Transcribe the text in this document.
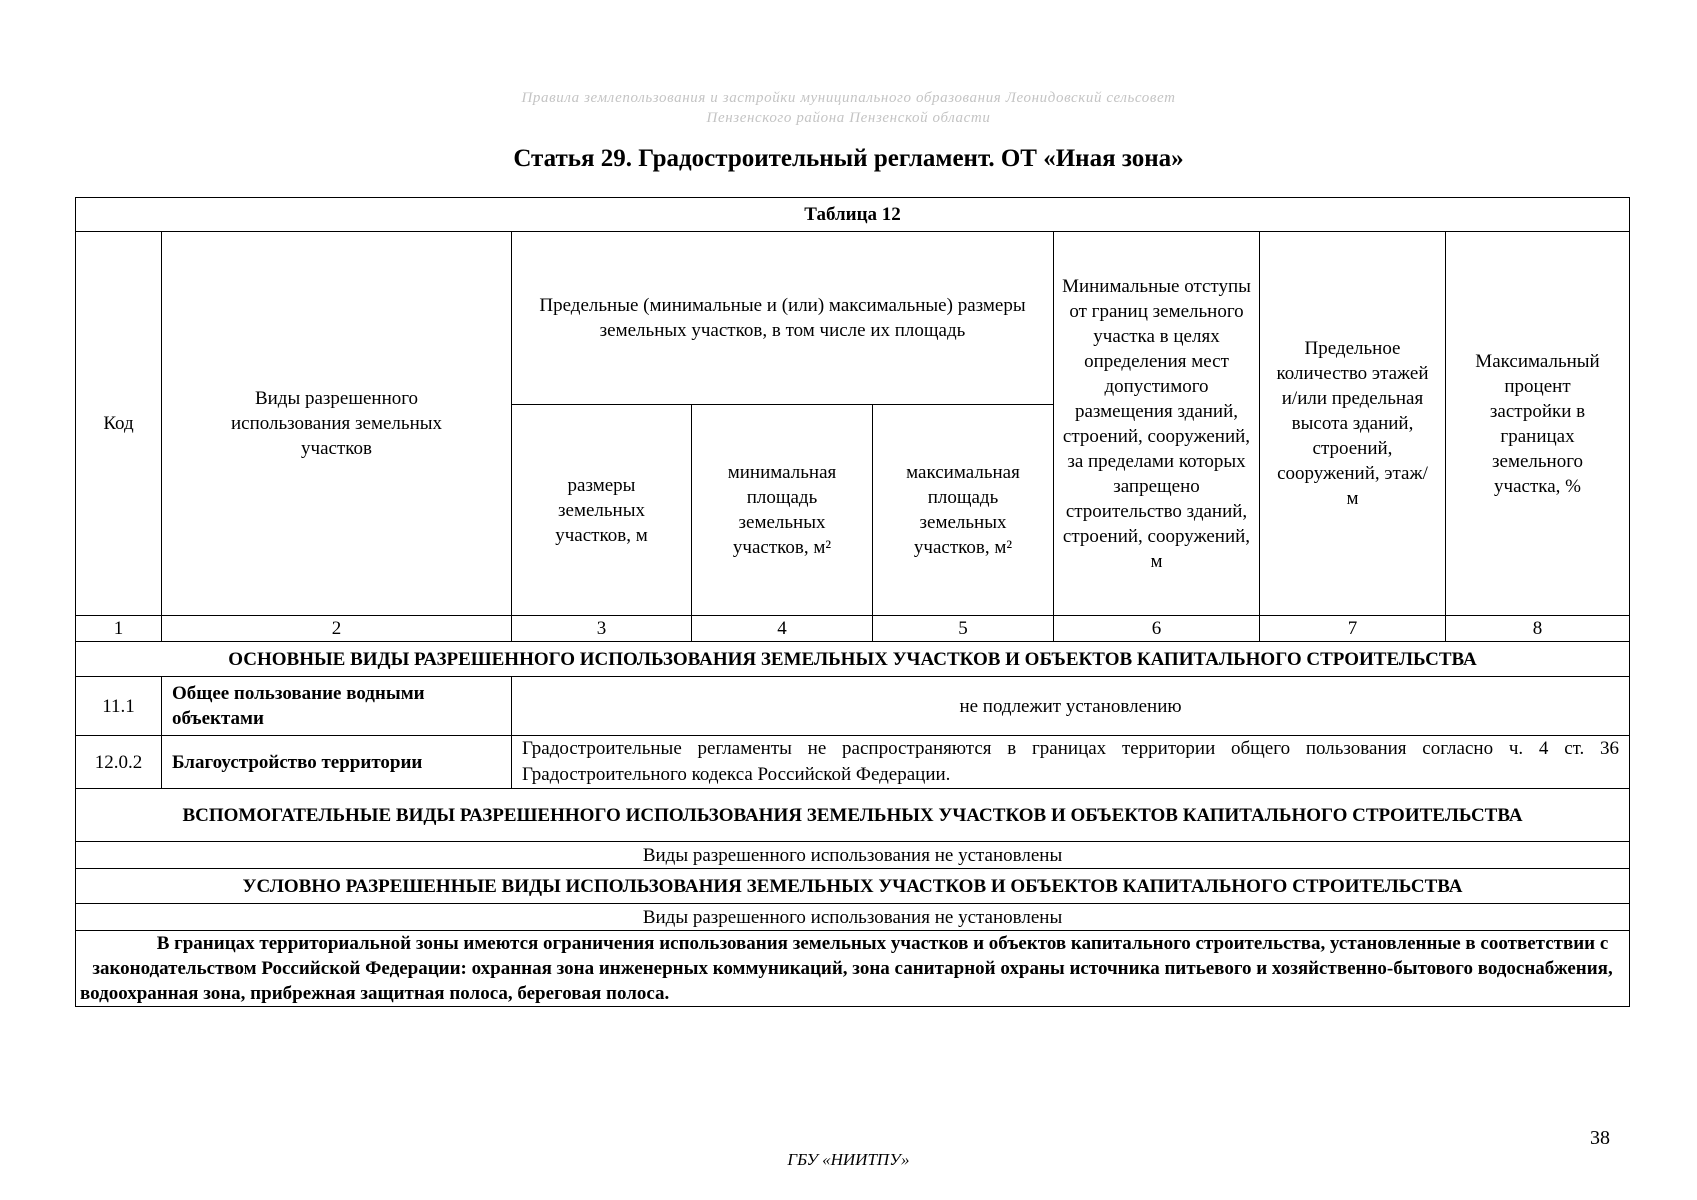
Правила землепользования и застройки муниципального образования Леонидовский сельсовет
Пензенского района Пензенской области
Статья 29. Градостроительный регламент. ОТ «Иная зона»
Таблица 12							
Код	Виды разрешенного использования земельных участков	Предельные (минимальные и (или) максимальные) размеры земельных участков, в том числе их площадь			Минимальные отступы от границ земельного участка в целях определения мест допустимого размещения зданий, строений, сооружений, за пределами которых запрещено строительство зданий, строений, сооружений, м	Предельное количество этажей и/или предельная высота зданий, строений, сооружений, этаж/м	Максимальный процент застройки в границах земельного участка, %
		размеры земельных участков, м	минимальная площадь земельных участков, м²	максимальная площадь земельных участков, м²			
1	2	3	4	5	6	7	8
ОСНОВНЫЕ ВИДЫ РАЗРЕШЕННОГО ИСПОЛЬЗОВАНИЯ ЗЕМЕЛЬНЫХ УЧАСТКОВ И ОБЪЕКТОВ КАПИТАЛЬНОГО СТРОИТЕЛЬСТВА							
11.1	Общее пользование водными объектами	не подлежит установлению					
12.0.2	Благоустройство территории	Градостроительные регламенты не распространяются в границах территории общего пользования согласно ч. 4 ст. 36 Градостроительного кодекса Российской Федерации.					
ВСПОМОГАТЕЛЬНЫЕ ВИДЫ РАЗРЕШЕННОГО ИСПОЛЬЗОВАНИЯ ЗЕМЕЛЬНЫХ УЧАСТКОВ И ОБЪЕКТОВ КАПИТАЛЬНОГО СТРОИТЕЛЬСТВА							
Виды разрешенного использования не установлены							
УСЛОВНО РАЗРЕШЕННЫЕ ВИДЫ ИСПОЛЬЗОВАНИЯ ЗЕМЕЛЬНЫХ УЧАСТКОВ И ОБЪЕКТОВ КАПИТАЛЬНОГО СТРОИТЕЛЬСТВА							
Виды разрешенного использования не установлены							
В границах территориальной зоны имеются ограничения использования земельных участков и объектов капитального строительства, установленные в соответствии с законодательством Российской Федерации: охранная зона инженерных коммуникаций, зона санитарной охраны источника питьевого и хозяйственно-бытового водоснабжения, водоохранная зона, прибрежная защитная полоса, береговая полоса.							
38
ГБУ «НИИТПУ»
